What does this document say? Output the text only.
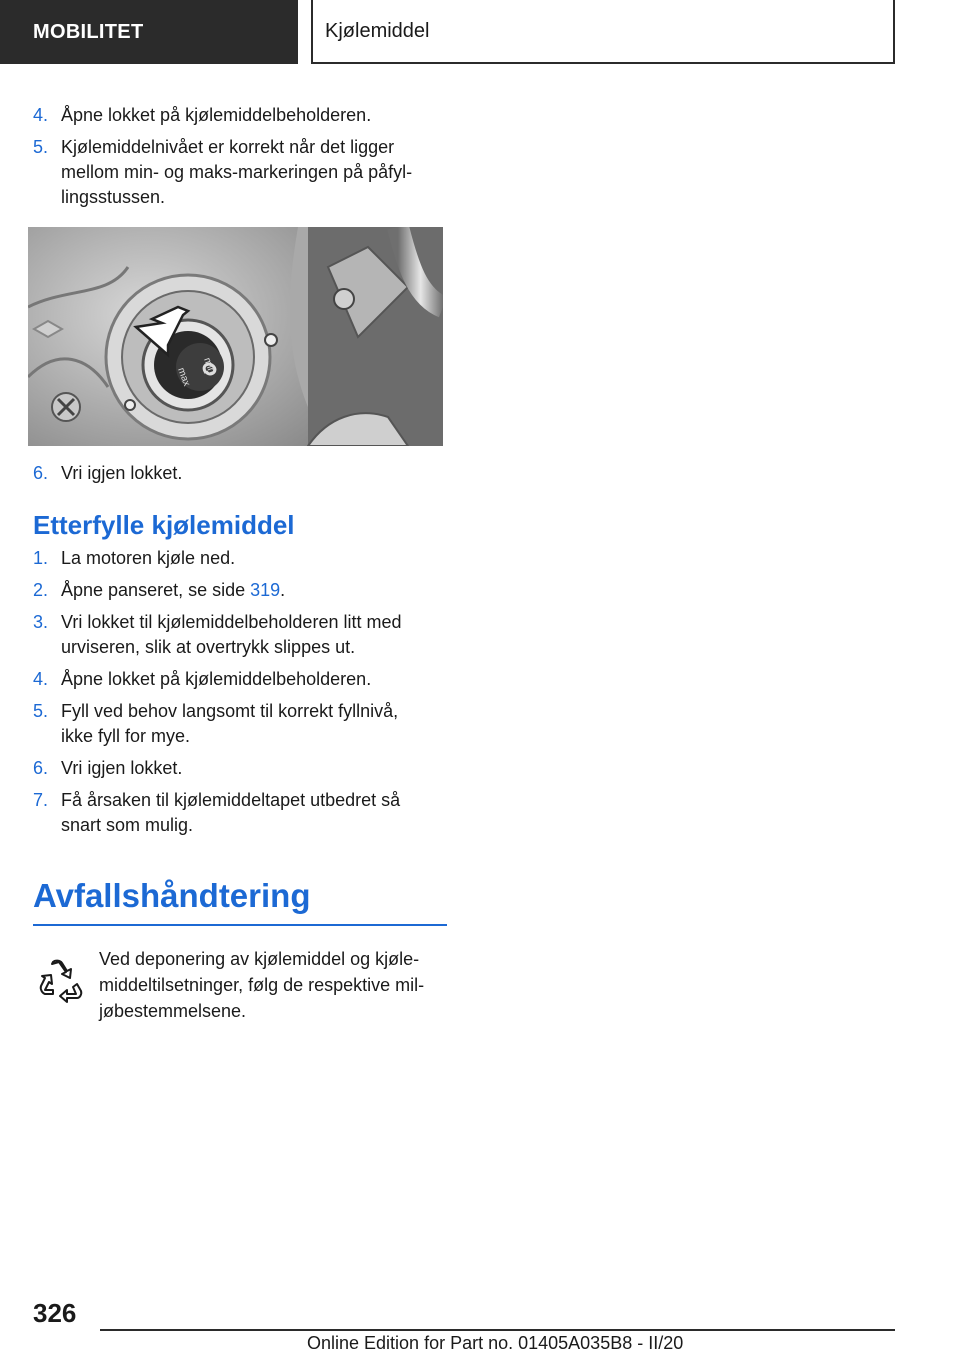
MOBILITET	Kjølemiddel
4. Åpne lokket på kjølemiddelbeholderen.
5. Kjølemiddelnivået er korrekt når det ligger mellom min- og maks-markeringen på påfyl- lingsstussen.
min
max
6. Vri igjen lokket.
Etterfylle kjølemiddel
1. La motoren kjøle ned.
2. Åpne panseret, se side 319.
3. Vri lokket til kjølemiddelbeholderen litt med urviseren, slik at overtrykk slippes ut.
4. Åpne lokket på kjølemiddelbeholderen.
5. Fyll ved behov langsomt til korrekt fyllnivå, ikke fyll for mye.
6. Vri igjen lokket.
7. Få årsaken til kjølemiddeltapet utbedret så snart som mulig.
Avfallshåndtering
Ved deponering av kjølemiddel og kjøle- middeltilsetninger, følg de respektive mil- jøbestemmelsene.
326
Online Edition for Part no. 01405A035B8 - II/20
